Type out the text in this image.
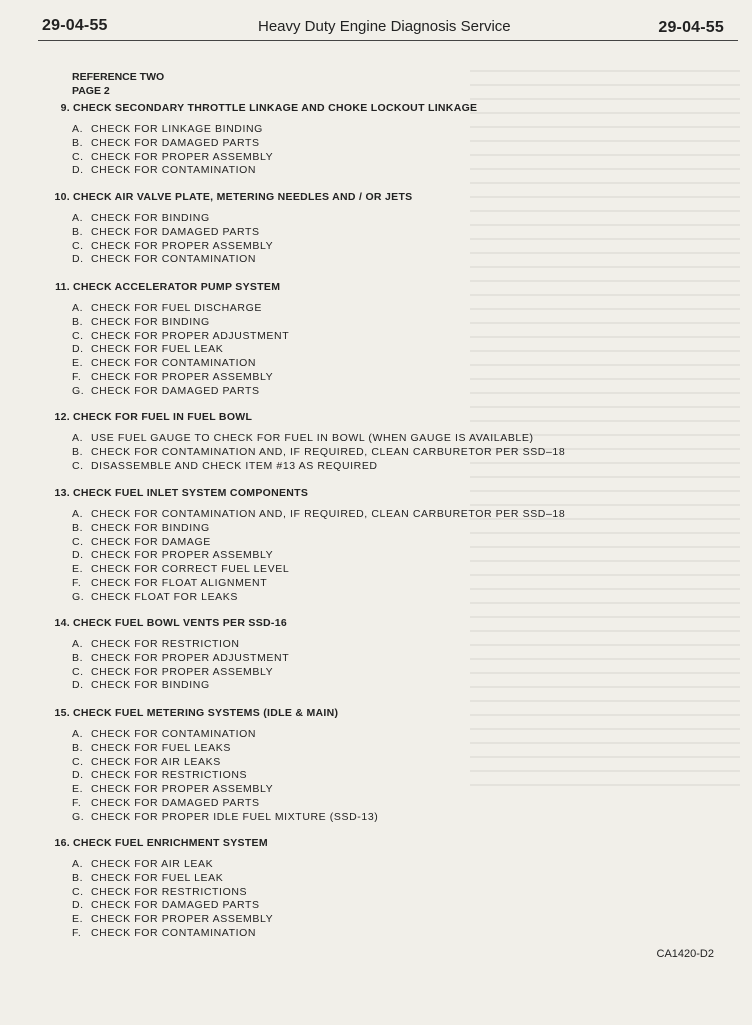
29-04-55	Heavy Duty Engine Diagnosis Service	29-04-55
REFERENCE TWO
PAGE 2
9. CHECK SECONDARY THROTTLE LINKAGE AND CHOKE LOCKOUT LINKAGE
A. CHECK FOR LINKAGE BINDING
B. CHECK FOR DAMAGED PARTS
C. CHECK FOR PROPER ASSEMBLY
D. CHECK FOR CONTAMINATION
10. CHECK AIR VALVE PLATE, METERING NEEDLES AND / OR JETS
A. CHECK FOR BINDING
B. CHECK FOR DAMAGED PARTS
C. CHECK FOR PROPER ASSEMBLY
D. CHECK FOR CONTAMINATION
11. CHECK ACCELERATOR PUMP SYSTEM
A. CHECK FOR FUEL DISCHARGE
B. CHECK FOR BINDING
C. CHECK FOR PROPER ADJUSTMENT
D. CHECK FOR FUEL LEAK
E. CHECK FOR CONTAMINATION
F. CHECK FOR PROPER ASSEMBLY
G. CHECK FOR DAMAGED PARTS
12. CHECK FOR FUEL IN FUEL BOWL
A. USE FUEL GAUGE TO CHECK FOR FUEL IN BOWL (WHEN GAUGE IS AVAILABLE)
B. CHECK FOR CONTAMINATION AND, IF REQUIRED, CLEAN CARBURETOR PER SSD–18
C. DISASSEMBLE AND CHECK ITEM #13 AS REQUIRED
13. CHECK FUEL INLET SYSTEM COMPONENTS
A. CHECK FOR CONTAMINATION AND, IF REQUIRED, CLEAN CARBURETOR PER SSD–18
B. CHECK FOR BINDING
C. CHECK FOR DAMAGE
D. CHECK FOR PROPER ASSEMBLY
E. CHECK FOR CORRECT FUEL LEVEL
F. CHECK FOR FLOAT ALIGNMENT
G. CHECK FLOAT FOR LEAKS
14. CHECK FUEL BOWL VENTS PER SSD-16
A. CHECK FOR RESTRICTION
B. CHECK FOR PROPER ADJUSTMENT
C. CHECK FOR PROPER ASSEMBLY
D. CHECK FOR BINDING
15. CHECK FUEL METERING SYSTEMS (IDLE & MAIN)
A. CHECK FOR CONTAMINATION
B. CHECK FOR FUEL LEAKS
C. CHECK FOR AIR LEAKS
D. CHECK FOR RESTRICTIONS
E. CHECK FOR PROPER ASSEMBLY
F. CHECK FOR DAMAGED PARTS
G. CHECK FOR PROPER IDLE FUEL MIXTURE (SSD-13)
16. CHECK FUEL ENRICHMENT SYSTEM
A. CHECK FOR AIR LEAK
B. CHECK FOR FUEL LEAK
C. CHECK FOR RESTRICTIONS
D. CHECK FOR DAMAGED PARTS
E. CHECK FOR PROPER ASSEMBLY
F. CHECK FOR CONTAMINATION
CA1420-D2
